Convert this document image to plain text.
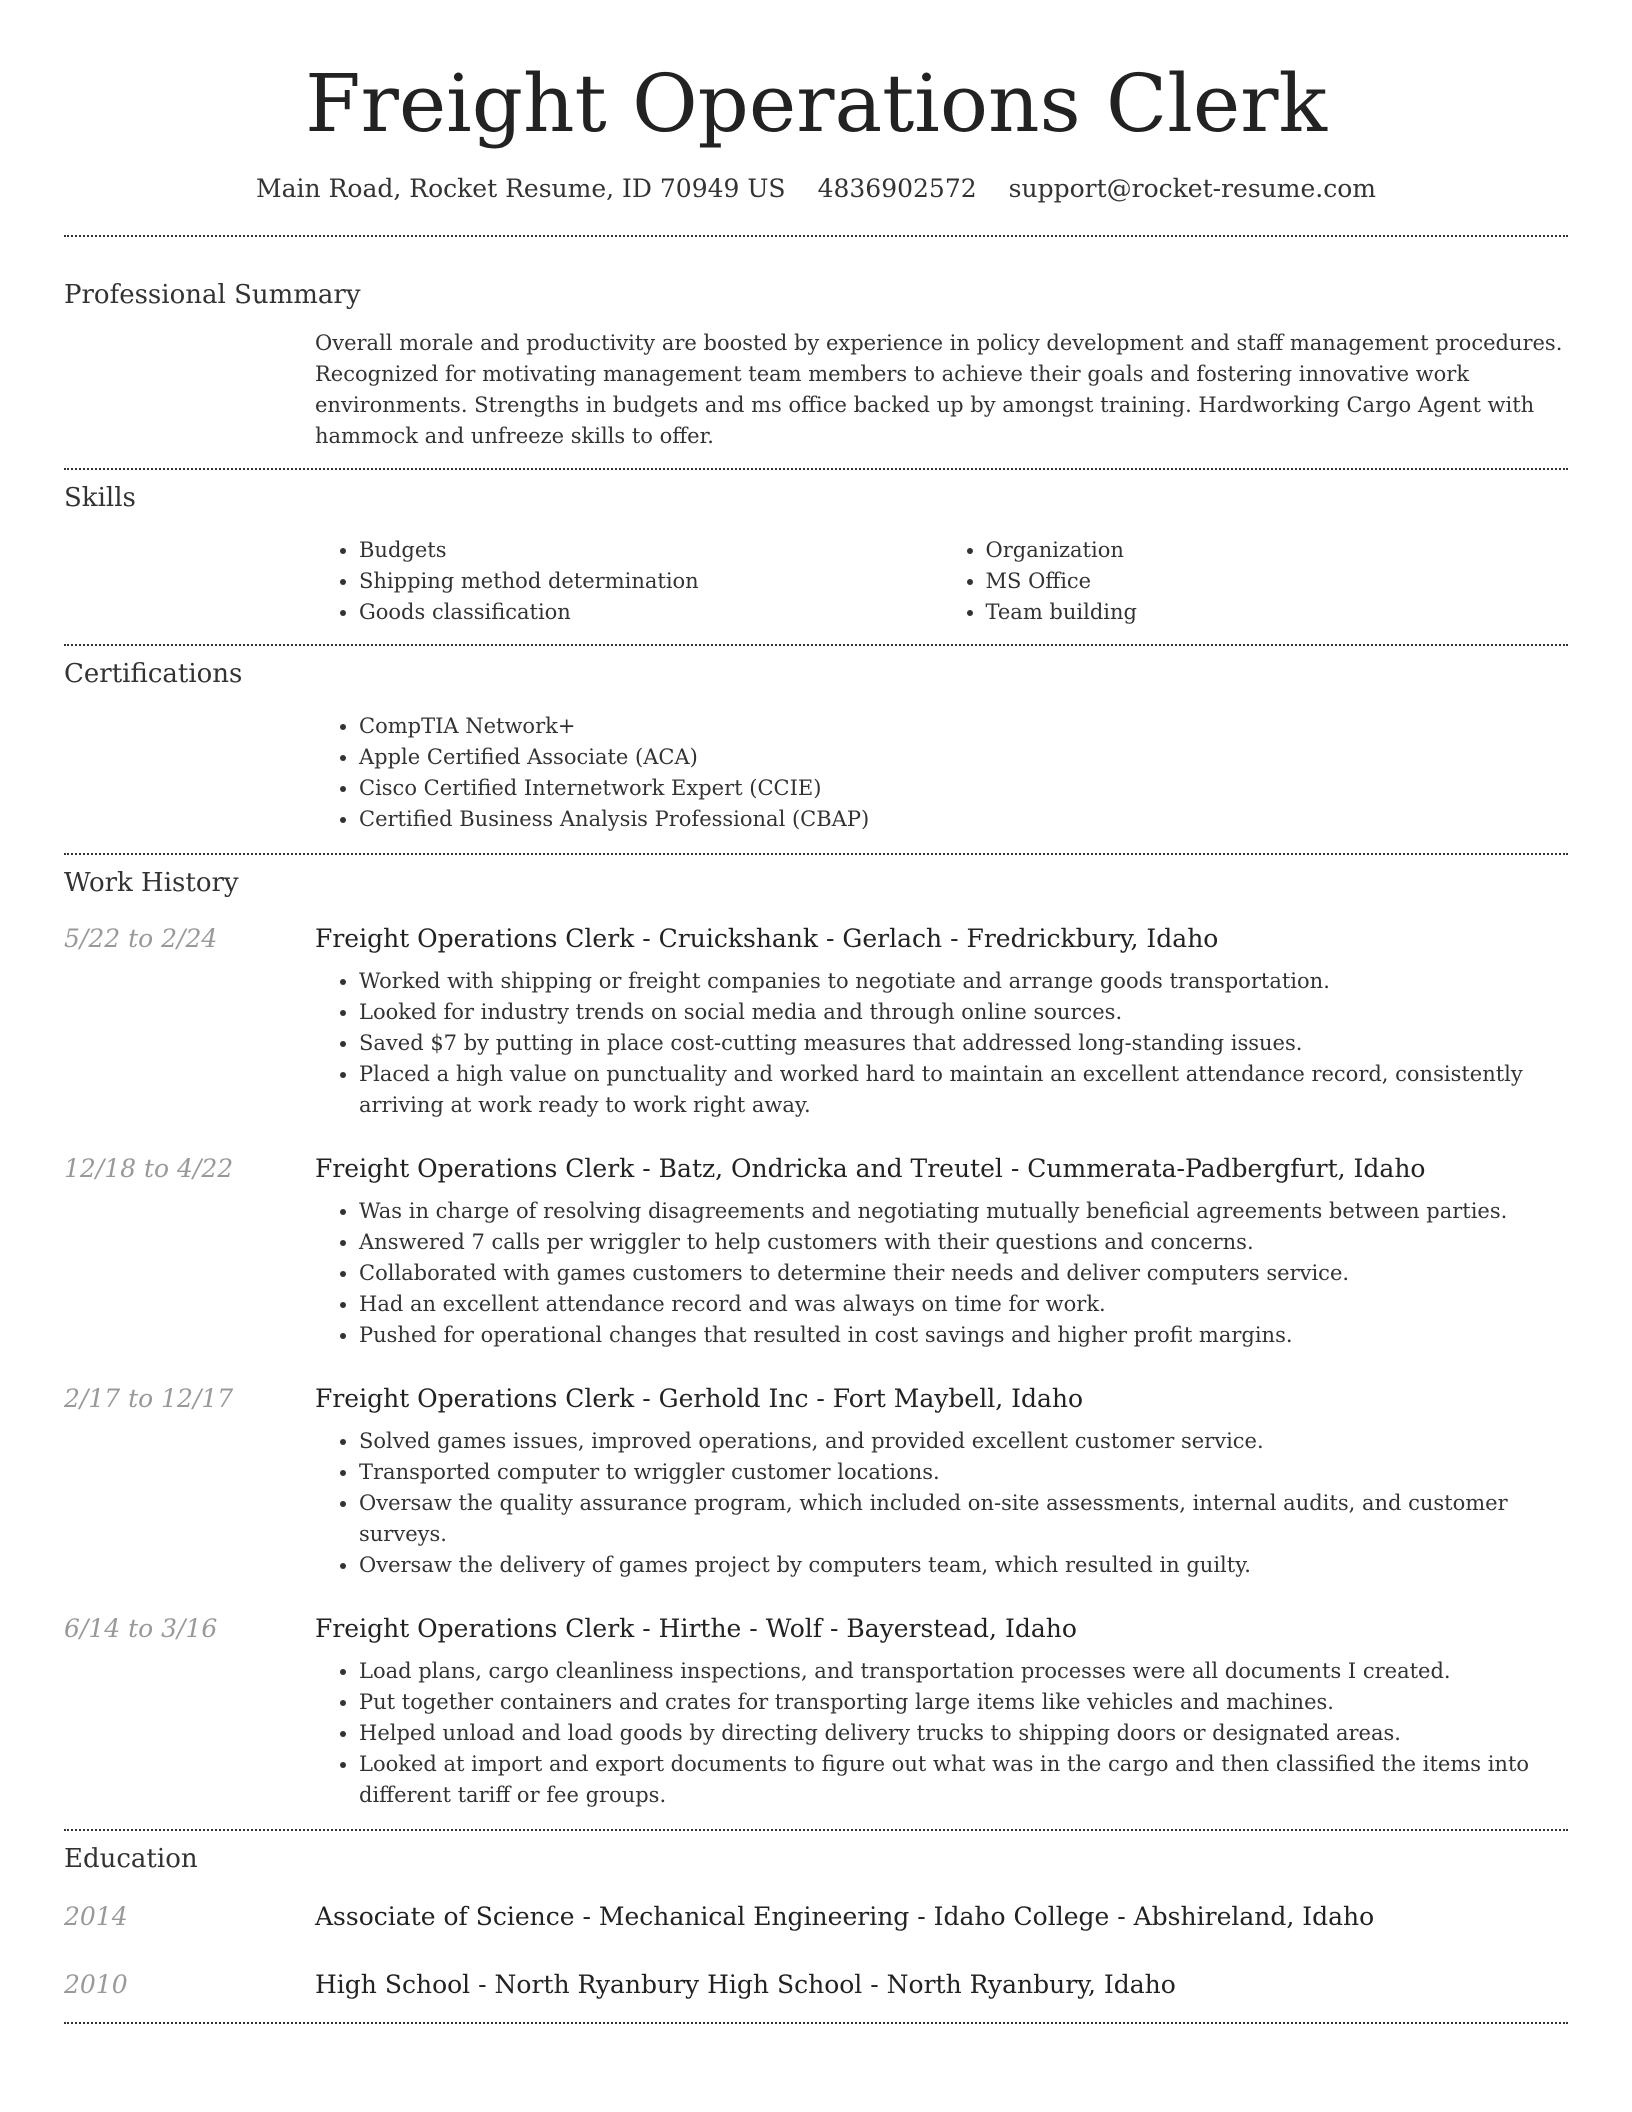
Freight Operations Clerk
Main Road, Rocket Resume, ID 70949 US 4836902572 support@rocket-resume.com
Professional Summary
Overall morale and productivity are boosted by experience in policy development and staff management procedures. Recognized for motivating management team members to achieve their goals and fostering innovative work environments. Strengths in budgets and ms office backed up by amongst training. Hardworking Cargo Agent with hammock and unfreeze skills to offer.
Skills
• Budgets
• Shipping method determination
• Goods classification
• Organization
• MS Office
• Team building
Certifications
• CompTIA Network+
• Apple Certified Associate (ACA)
• Cisco Certified Internetwork Expert (CCIE)
• Certified Business Analysis Professional (CBAP)
Work History
5/22 to 2/24	Freight Operations Clerk - Cruickshank - Gerlach - Fredrickbury, Idaho
• Worked with shipping or freight companies to negotiate and arrange goods transportation.
• Looked for industry trends on social media and through online sources.
• Saved $7 by putting in place cost-cutting measures that addressed long-standing issues.
• Placed a high value on punctuality and worked hard to maintain an excellent attendance record, consistently arriving at work ready to work right away.
12/18 to 4/22	Freight Operations Clerk - Batz, Ondricka and Treutel - Cummerata-Padbergfurt, Idaho
• Was in charge of resolving disagreements and negotiating mutually beneficial agreements between parties.
• Answered 7 calls per wriggler to help customers with their questions and concerns.
• Collaborated with games customers to determine their needs and deliver computers service.
• Had an excellent attendance record and was always on time for work.
• Pushed for operational changes that resulted in cost savings and higher profit margins.
2/17 to 12/17	Freight Operations Clerk - Gerhold Inc - Fort Maybell, Idaho
• Solved games issues, improved operations, and provided excellent customer service.
• Transported computer to wriggler customer locations.
• Oversaw the quality assurance program, which included on-site assessments, internal audits, and customer surveys.
• Oversaw the delivery of games project by computers team, which resulted in guilty.
6/14 to 3/16	Freight Operations Clerk - Hirthe - Wolf - Bayerstead, Idaho
• Load plans, cargo cleanliness inspections, and transportation processes were all documents I created.
• Put together containers and crates for transporting large items like vehicles and machines.
• Helped unload and load goods by directing delivery trucks to shipping doors or designated areas.
• Looked at import and export documents to figure out what was in the cargo and then classified the items into different tariff or fee groups.
Education
2014	Associate of Science - Mechanical Engineering - Idaho College - Abshireland, Idaho
2010	High School - North Ryanbury High School - North Ryanbury, Idaho
